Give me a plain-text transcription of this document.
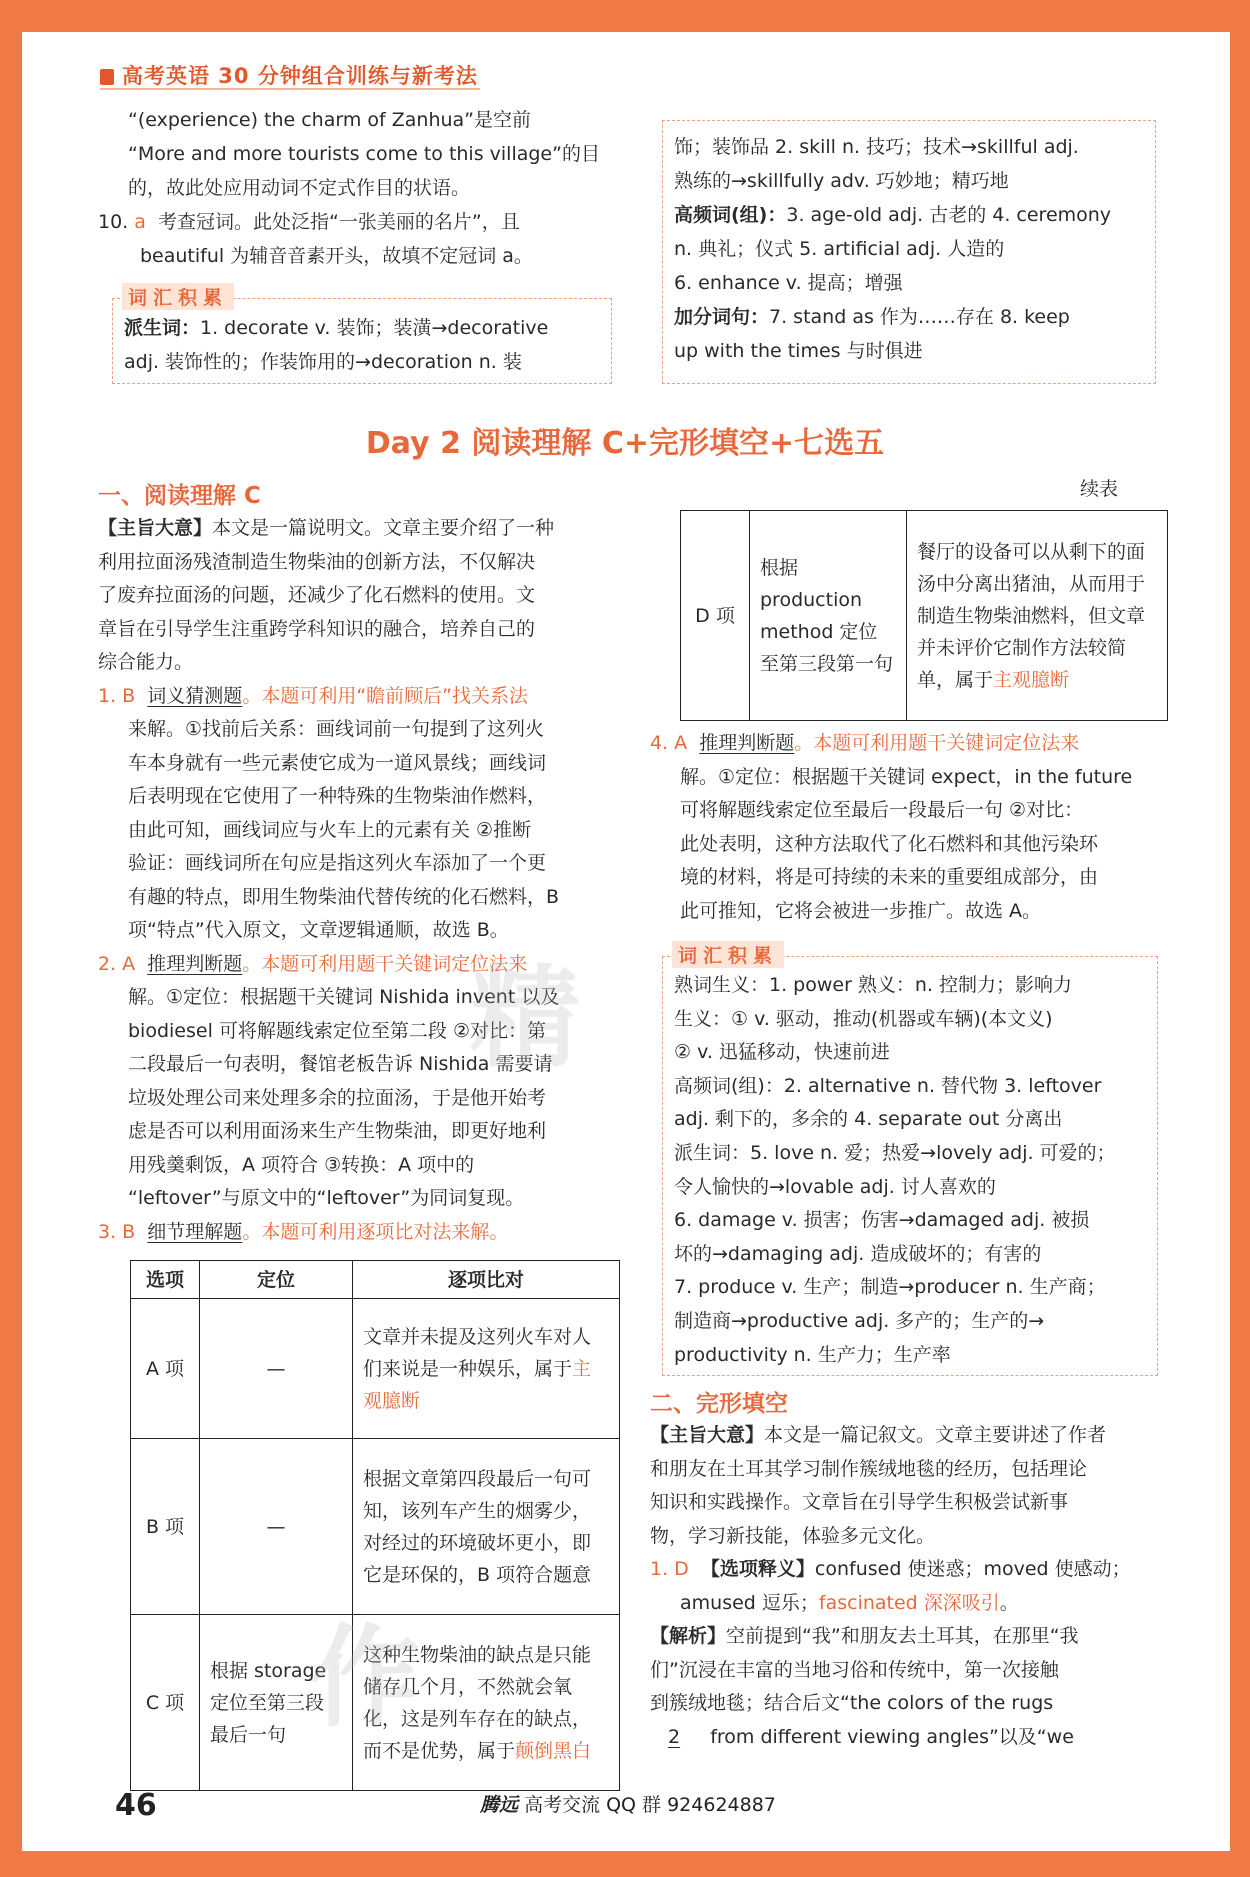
高考英语 30 分钟组合训练与新考法

“(experience) the charm of Zanhua”是空前

“More and more tourists come to this village”的目

的，故此处应用动词不定式作目的状语。

10. a 考查冠词。此处泛指“一张美丽的名片”，且

beautiful 为辅音音素开头，故填不定冠词 a。

词汇积累

派生词：1. decorate v. 装饰；装潢→decorative

adj. 装饰性的；作装饰用的→decoration n. 装

饰；装饰品 2. skill n. 技巧；技术→skillful adj.

熟练的→skillfully adv. 巧妙地；精巧地

高频词(组)：3. age-old adj. 古老的 4. ceremony

n. 典礼；仪式 5. artificial adj. 人造的

6. enhance v. 提高；增强

加分词句：7. stand as 作为……存在 8. keep

up with the times 与时俱进

Day 2 阅读理解 C+完形填空+七选五
一、阅读理解 C

【主旨大意】本文是一篇说明文。文章主要介绍了一种

利用拉面汤残渣制造生物柴油的创新方法，不仅解决

了废弃拉面汤的问题，还减少了化石燃料的使用。文

章旨在引导学生注重跨学科知识的融合，培养自己的

综合能力。

1. B 词义猜测题。本题可利用“瞻前顾后”找关系法

来解。①找前后关系：画线词前一句提到了这列火

车本身就有一些元素使它成为一道风景线；画线词

后表明现在它使用了一种特殊的生物柴油作燃料，

由此可知，画线词应与火车上的元素有关 ②推断

验证：画线词所在句应是指这列火车添加了一个更

有趣的特点，即用生物柴油代替传统的化石燃料，B

项“特点”代入原文，文章逻辑通顺，故选 B。

2. A 推理判断题。本题可利用题干关键词定位法来

解。①定位：根据题干关键词 Nishida invent 以及

biodiesel 可将解题线索定位至第二段 ②对比：第

二段最后一句表明，餐馆老板告诉 Nishida 需要请

垃圾处理公司来处理多余的拉面汤，于是他开始考

虑是否可以利用面汤来生产生物柴油，即更好地利

用残羹剩饭，A 项符合 ③转换：A 项中的

“leftover”与原文中的“leftover”为同词复现。

3. B 细节理解题。本题可利用逐项比对法来解。

选项	定位	逐项比对
A 项	—	文章并未提及这列火车对人们来说是一种娱乐，属于主观臆断
B 项	—	根据文章第四段最后一句可知，该列车产生的烟雾少，对经过的环境破坏更小，即它是环保的，B 项符合题意
C 项	根据 storage 定位至第三段最后一句	这种生物柴油的缺点是只能储存几个月，不然就会氧化，这是列车存在的缺点，而不是优势，属于颠倒黑白
续表
D 项	根据 production method 定位至第三段第一句	餐厅的设备可以从剩下的面汤中分离出猪油，从而用于制造生物柴油燃料，但文章并未评价它制作方法较简单，属于主观臆断

4. A 推理判断题。本题可利用题干关键词定位法来

解。①定位：根据题干关键词 expect，in the future

可将解题线索定位至最后一段最后一句 ②对比：

此处表明，这种方法取代了化石燃料和其他污染环

境的材料，将是可持续的未来的重要组成部分，由

此可推知，它将会被进一步推广。故选 A。

词汇积累

熟词生义：1. power 熟义：n. 控制力；影响力

生义：① v. 驱动，推动(机器或车辆)(本文义)

② v. 迅猛移动，快速前进

高频词(组)：2. alternative n. 替代物 3. leftover

adj. 剩下的，多余的 4. separate out 分离出

派生词：5. love n. 爱；热爱→lovely adj. 可爱的；

令人愉快的→lovable adj. 讨人喜欢的

6. damage v. 损害；伤害→damaged adj. 被损

坏的→damaging adj. 造成破坏的；有害的

7. produce v. 生产；制造→producer n. 生产商；

制造商→productive adj. 多产的；生产的→

productivity n. 生产力；生产率

二、完形填空

【主旨大意】本文是一篇记叙文。文章主要讲述了作者

和朋友在土耳其学习制作簇绒地毯的经历，包括理论

知识和实践操作。文章旨在引导学生积极尝试新事

物，学习新技能，体验多元文化。

1. D 【选项释义】confused 使迷惑；moved 使感动；

amused 逗乐；fascinated 深深吸引。

【解析】空前提到“我”和朋友去土耳其，在那里“我

们”沉浸在丰富的当地习俗和传统中，第一次接触

到簇绒地毯；结合后文“the colors of the rugs

2 from different viewing angles”以及“we

精
作
46	腾远 高考交流 QQ 群 924624887
